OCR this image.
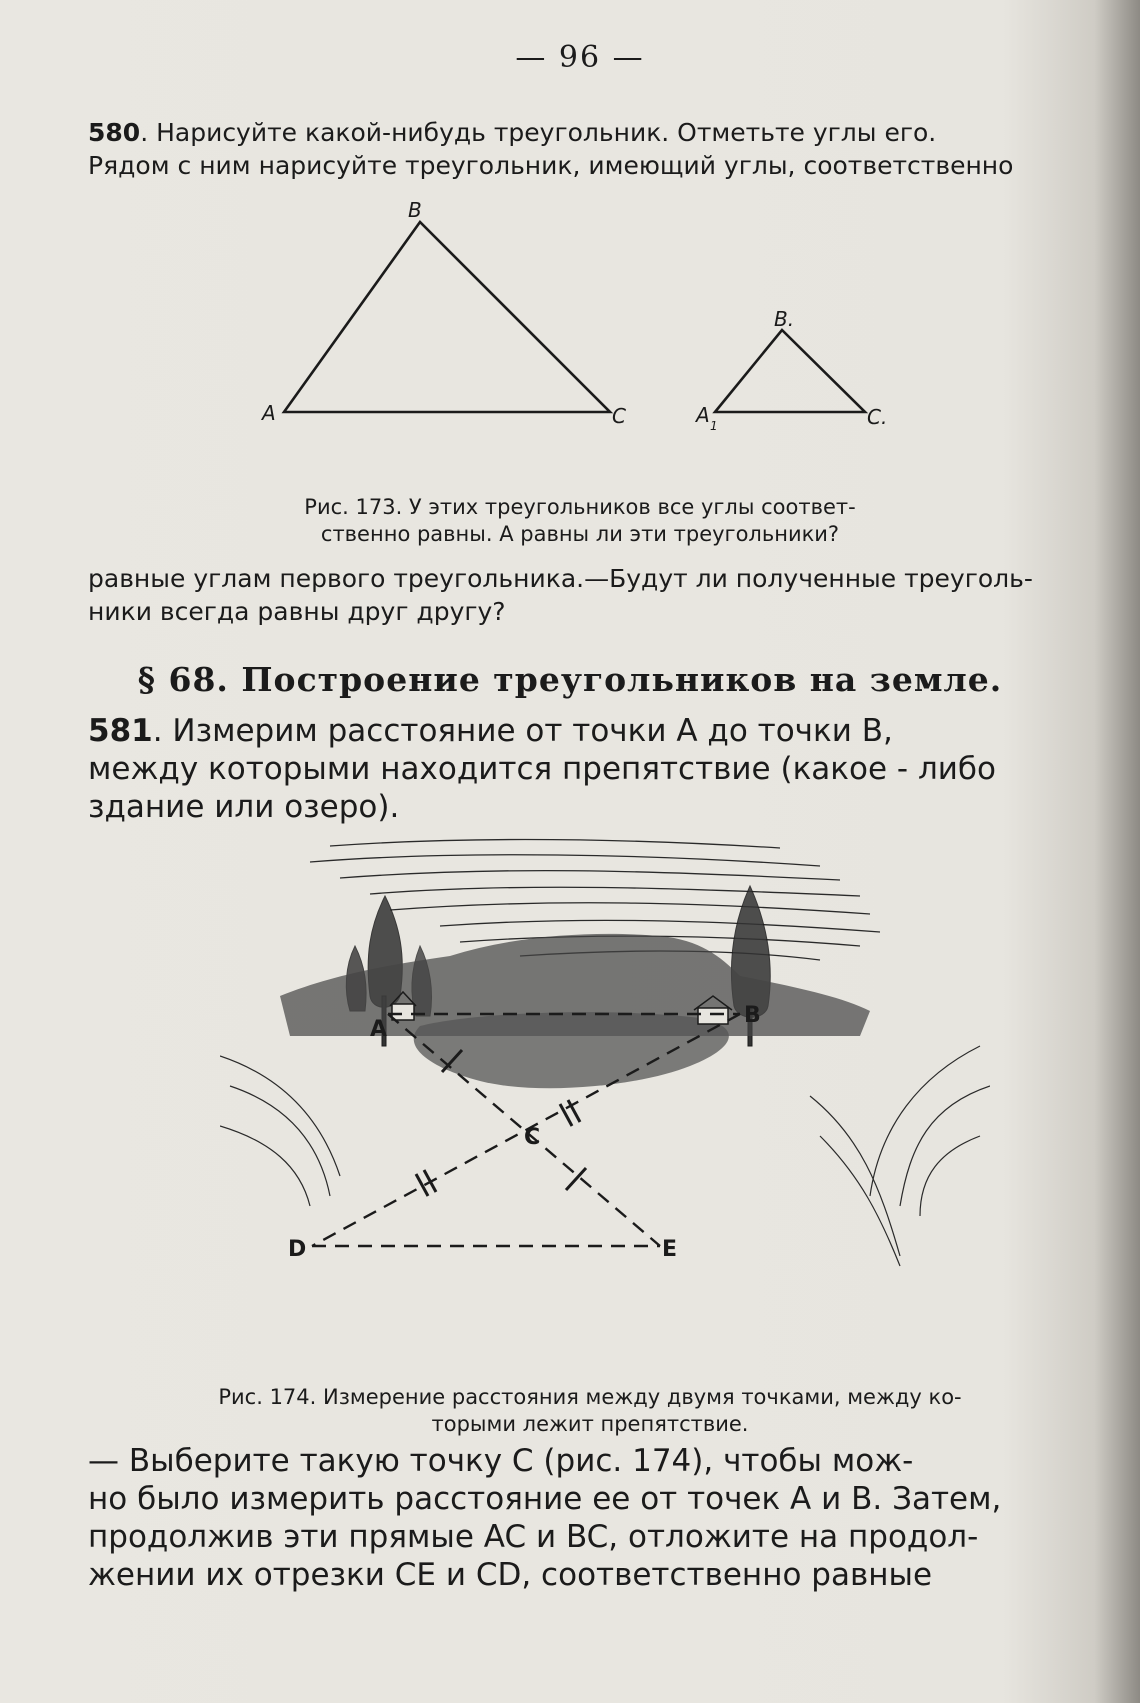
— 96 —
580. Нарисуйте какой-нибудь треугольник. Отметьте углы его.
Рядом с ним нарисуйте треугольник, имеющий углы, соответственно
B
A	C
B.
A 1	C.
Рис. 173. У этих треугольников все углы соответ-
ственно равны. А равны ли эти треугольники?
равные углам первого треугольника.—Будут ли полученные треуголь-
ники всегда равны друг другу?
§ 68. Построение треугольников на земле.
581. Измерим расстояние от точки A до точки B,
между которыми находится препятствие (какое - либо
здание или озеро).
A
B
C
D	E
Рис. 174. Измерение расстояния между двумя точками, между ко-
торыми лежит препятствие.
— Выберите такую точку C (рис. 174), чтобы мож-
но было измерить расстояние ее от точек A и B. Затем,
продолжив эти прямые AC и BC, отложите на продол-
жении их отрезки CE и CD, соответственно равные
